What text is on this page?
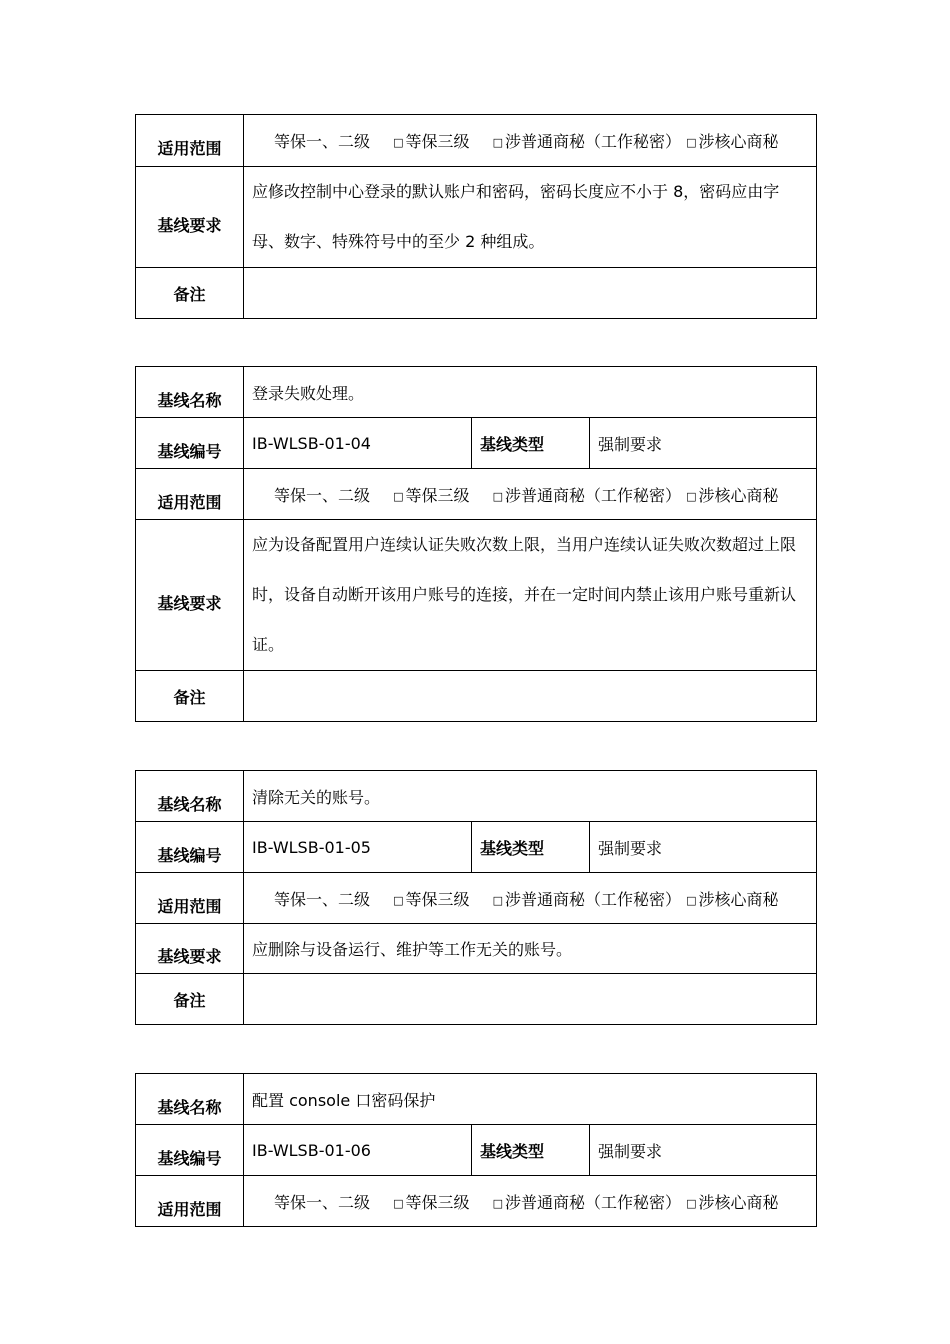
适用范围	等保一、二级 □ 等保三级 □ 涉普通商秘（工作秘密） □ 涉核心商秘
基线要求	应修改控制中心登录的默认账户和密码，密码长度应不小于 8，密码应由字母、数字、特殊符号中的至少 2 种组成。
备注	
基线名称	登录失败处理。		
基线编号	IB-WLSB-01-04	基线类型	强制要求
适用范围	等保一、二级 □ 等保三级 □ 涉普通商秘（工作秘密） □ 涉核心商秘		
基线要求	应为设备配置用户连续认证失败次数上限，当用户连续认证失败次数超过上限时，设备自动断开该用户账号的连接，并在一定时间内禁止该用户账号重新认证。		
备注			
基线名称	清除无关的账号。		
基线编号	IB-WLSB-01-05	基线类型	强制要求
适用范围	等保一、二级 □ 等保三级 □ 涉普通商秘（工作秘密） □ 涉核心商秘		
基线要求	应删除与设备运行、维护等工作无关的账号。		
备注			
基线名称	配置 console 口密码保护		
基线编号	IB-WLSB-01-06	基线类型	强制要求
适用范围	等保一、二级 □ 等保三级 □ 涉普通商秘（工作秘密） □ 涉核心商秘		
